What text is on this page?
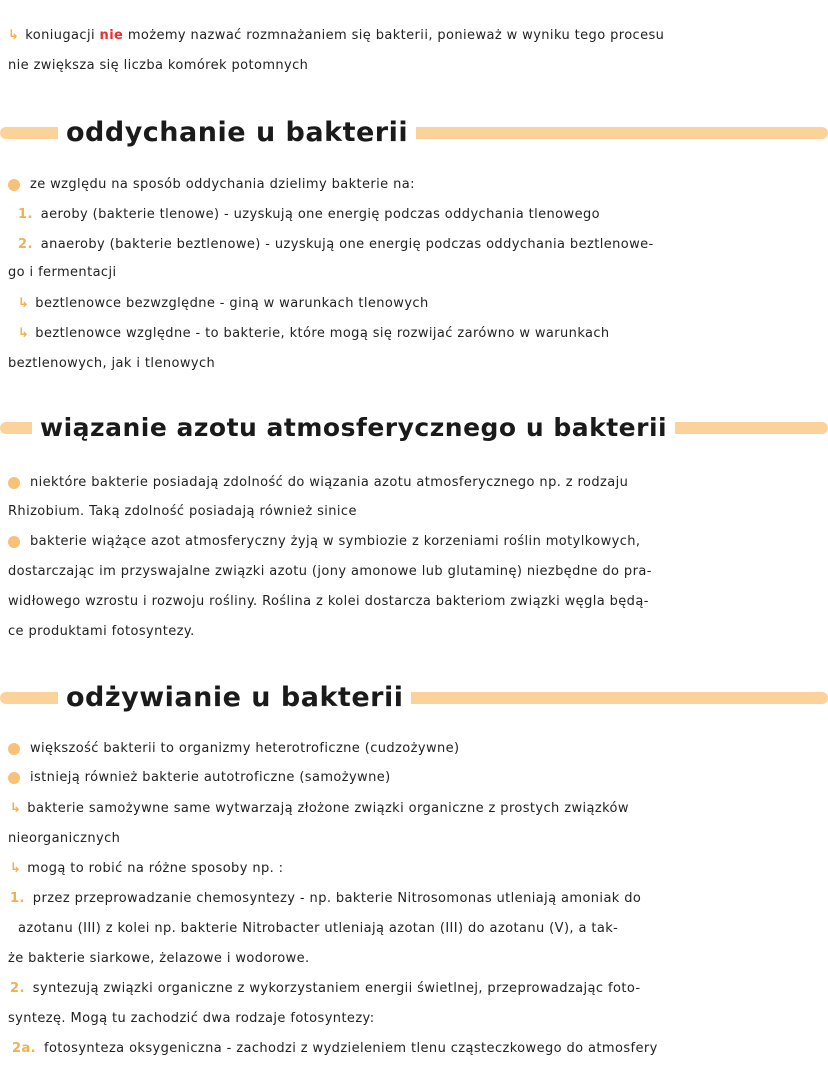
↳ koniugacji nie możemy nazwać rozmnażaniem się bakterii, ponieważ w wyniku tego procesu
nie zwiększa się liczba komórek potomnych
oddychanie u bakterii
ze względu na sposób oddychania dzielimy bakterie na:
1. aeroby (bakterie tlenowe) - uzyskują one energię podczas oddychania tlenowego
2. anaeroby (bakterie beztlenowe) - uzyskują one energię podczas oddychania beztlenowe-
go i fermentacji
↳ beztlenowce bezwzględne - giną w warunkach tlenowych
↳ beztlenowce względne - to bakterie, które mogą się rozwijać zarówno w warunkach
beztlenowych, jak i tlenowych
wiązanie azotu atmosferycznego u bakterii
niektóre bakterie posiadają zdolność do wiązania azotu atmosferycznego np. z rodzaju
Rhizobium. Taką zdolność posiadają również sinice
bakterie wiążące azot atmosferyczny żyją w symbiozie z korzeniami roślin motylkowych,
dostarczając im przyswajalne związki azotu (jony amonowe lub glutaminę) niezbędne do pra-
widłowego wzrostu i rozwoju rośliny. Roślina z kolei dostarcza bakteriom związki węgla będą-
ce produktami fotosyntezy.
odżywianie u bakterii
większość bakterii to organizmy heterotroficzne (cudzożywne)
istnieją również bakterie autotroficzne (samożywne)
↳ bakterie samożywne same wytwarzają złożone związki organiczne z prostych związków
nieorganicznych
↳ mogą to robić na różne sposoby np. :
1. przez przeprowadzanie chemosyntezy - np. bakterie Nitrosomonas utleniają amoniak do
azotanu (III) z kolei np. bakterie Nitrobacter utleniają azotan (III) do azotanu (V), a tak-
że bakterie siarkowe, żelazowe i wodorowe.
2. syntezują związki organiczne z wykorzystaniem energii świetlnej, przeprowadzając foto-
syntezę. Mogą tu zachodzić dwa rodzaje fotosyntezy:
2a. fotosynteza oksygeniczna - zachodzi z wydzieleniem tlenu cząsteczkowego do atmosfery
